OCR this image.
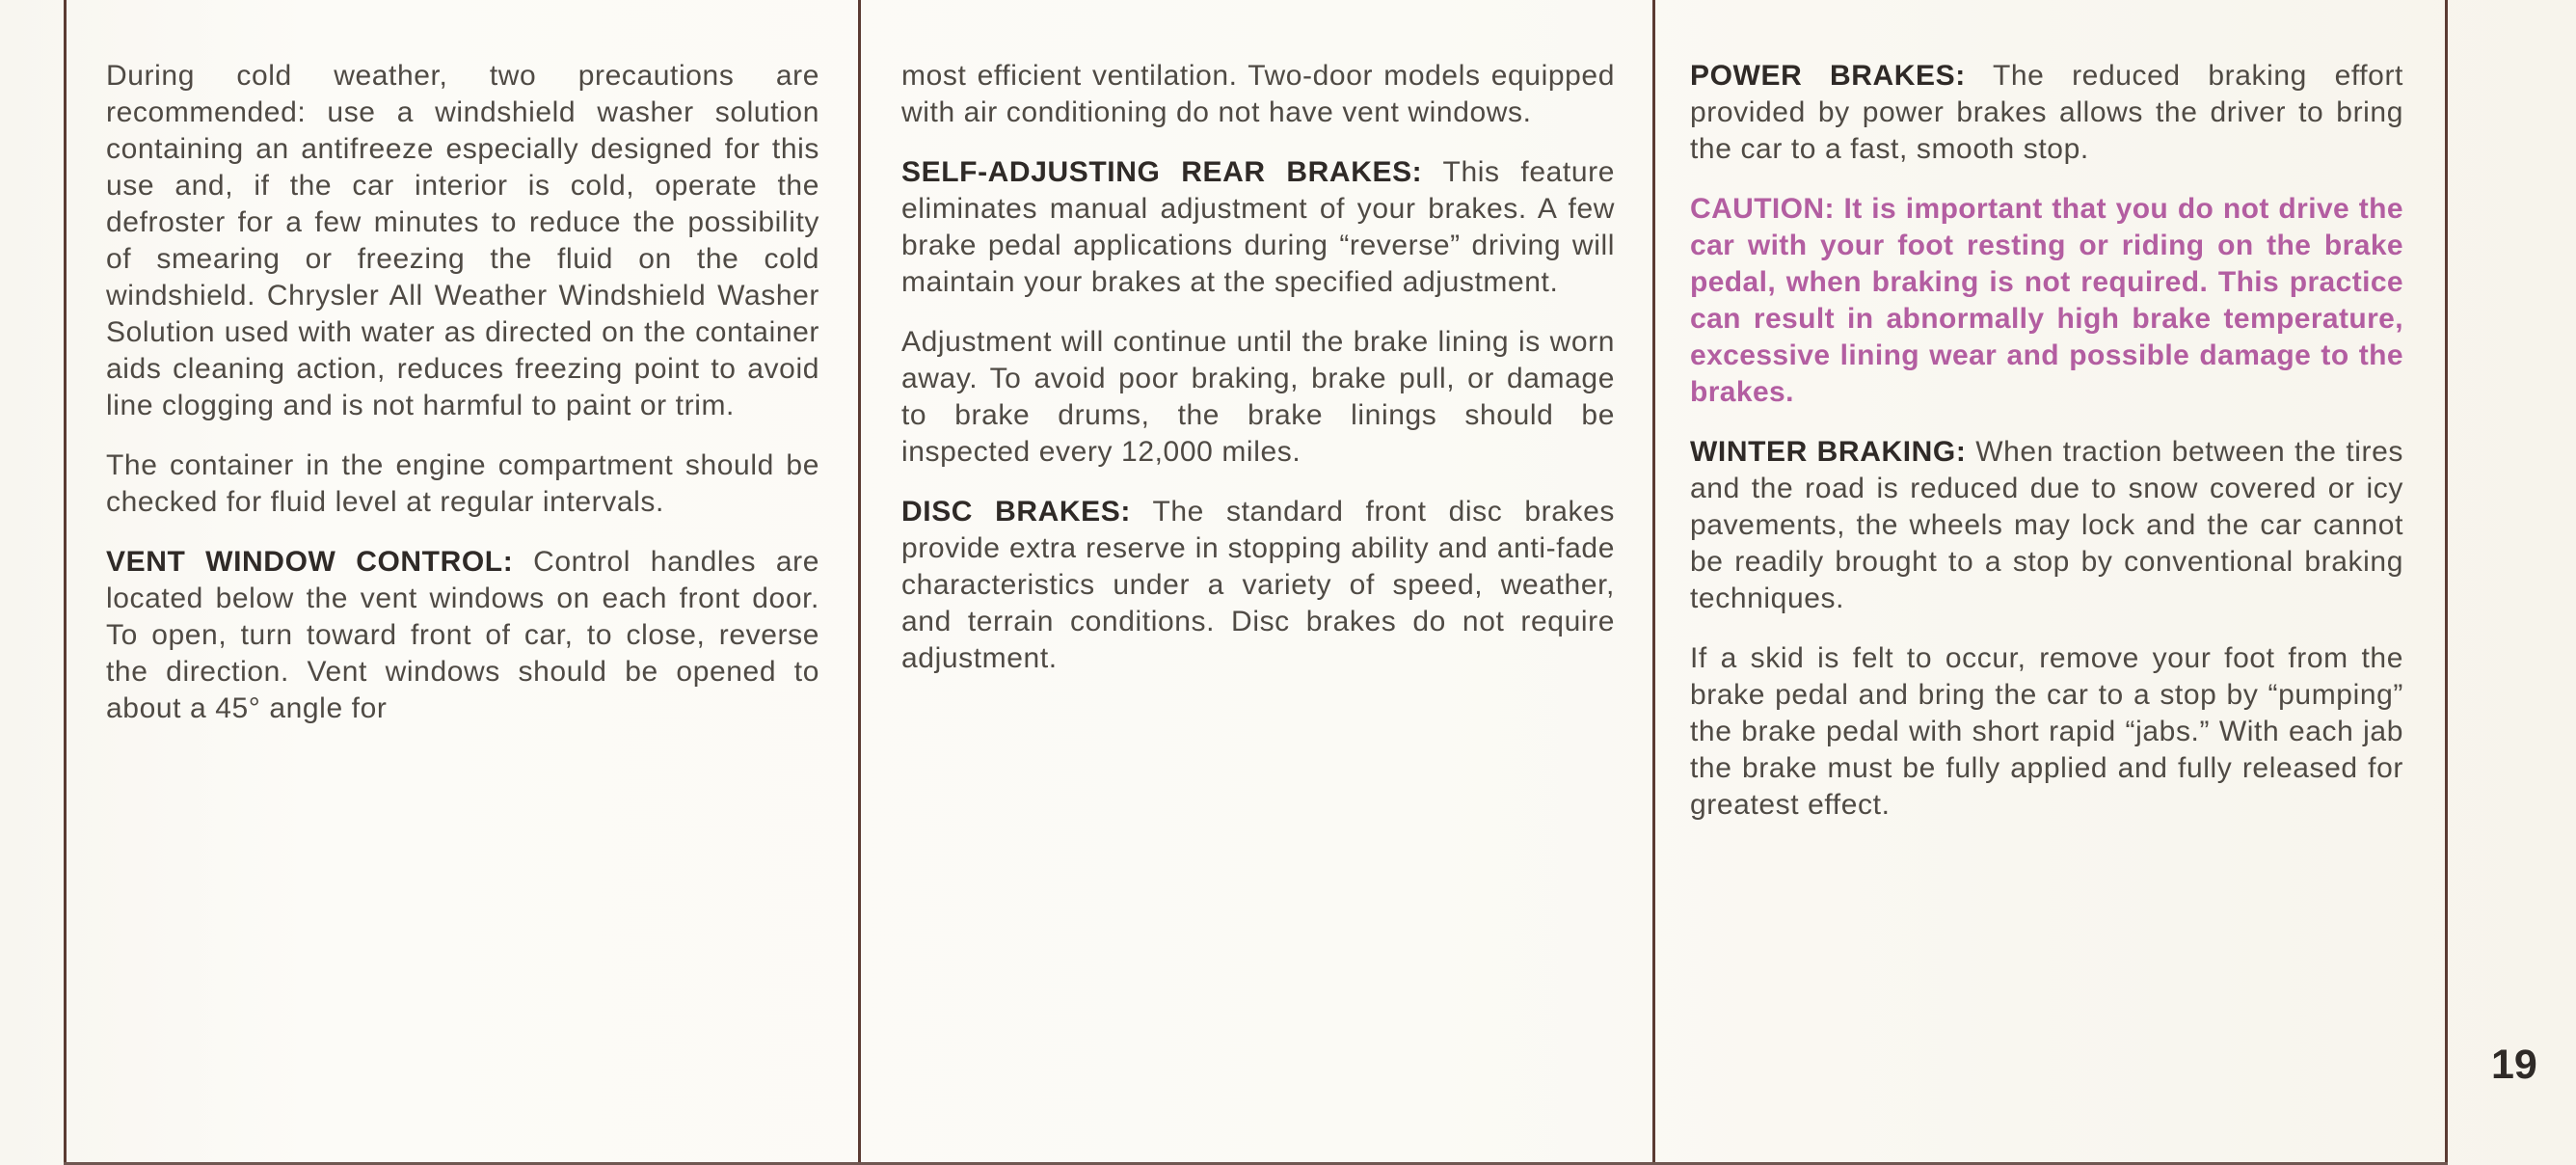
During cold weather, two precautions are recommended: use a windshield washer solution containing an antifreeze especially designed for this use and, if the car interior is cold, operate the defroster for a few minutes to reduce the possibility of smearing or freezing the fluid on the cold windshield. Chrysler All Weather Windshield Washer Solution used with water as directed on the container aids cleaning action, reduces freezing point to avoid line clogging and is not harmful to paint or trim.

The container in the engine compartment should be checked for fluid level at regular intervals.

VENT WINDOW CONTROL: Control handles are located below the vent windows on each front door. To open, turn toward front of car, to close, reverse the direction. Vent windows should be opened to about a 45° angle for

most efficient ventilation. Two-door models equipped with air conditioning do not have vent windows.

SELF-ADJUSTING REAR BRAKES: This feature eliminates manual adjustment of your brakes. A few brake pedal applications during “reverse” driving will maintain your brakes at the specified adjustment.

Adjustment will continue until the brake lining is worn away. To avoid poor braking, brake pull, or damage to brake drums, the brake linings should be inspected every 12,000 miles.

DISC BRAKES: The standard front disc brakes provide extra reserve in stopping ability and anti-fade characteristics under a variety of speed, weather, and terrain conditions. Disc brakes do not require adjustment.

POWER BRAKES: The reduced braking effort provided by power brakes allows the driver to bring the car to a fast, smooth stop.

CAUTION: It is important that you do not drive the car with your foot resting or riding on the brake pedal, when braking is not required. This practice can result in abnormally high brake temperature, excessive lining wear and possible damage to the brakes.

WINTER BRAKING: When traction between the tires and the road is reduced due to snow covered or icy pavements, the wheels may lock and the car cannot be readily brought to a stop by conventional braking techniques.

If a skid is felt to occur, remove your foot from the brake pedal and bring the car to a stop by “pumping” the brake pedal with short rapid “jabs.” With each jab the brake must be fully applied and fully released for greatest effect.

19
